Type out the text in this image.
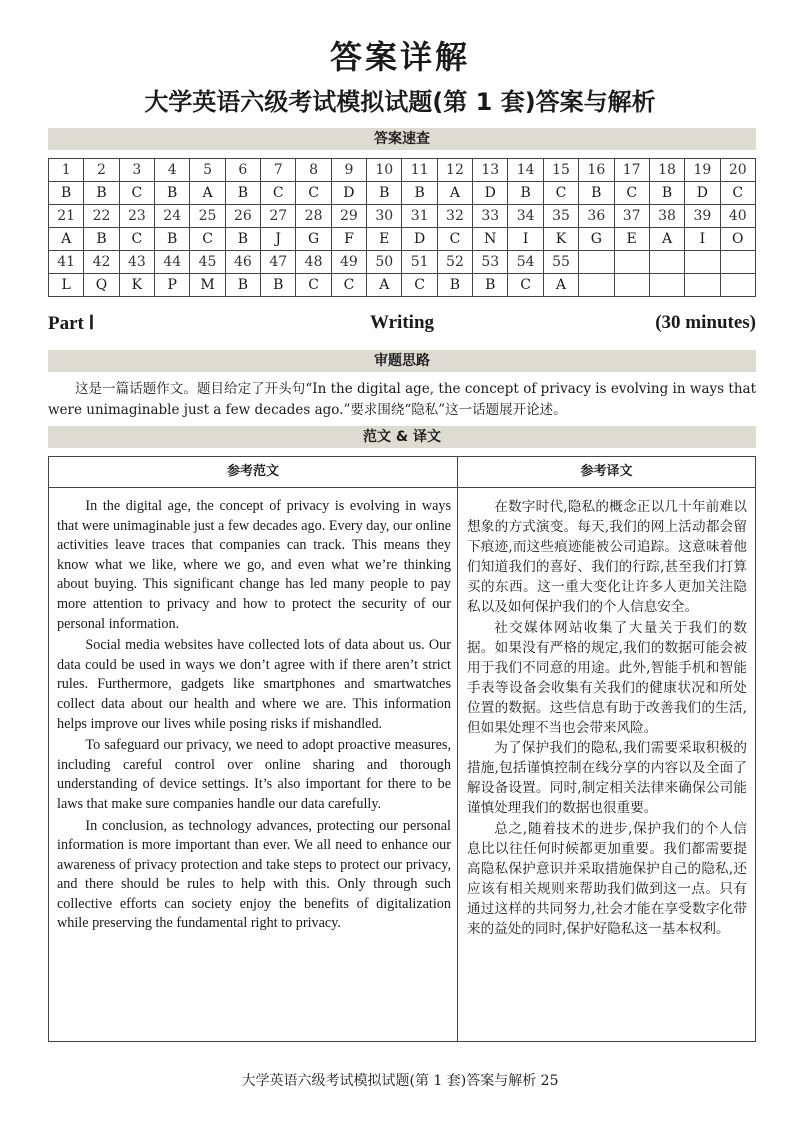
答案详解
大学英语六级考试模拟试题(第 1 套)答案与解析
答案速查
1	2	3	4	5	6	7	8	9	10	11	12	13	14	15	16	17	18	19	20
B	B	C	B	A	B	C	C	D	B	B	A	D	B	C	B	C	B	D	C
21	22	23	24	25	26	27	28	29	30	31	32	33	34	35	36	37	38	39	40
A	B	C	B	C	B	J	G	F	E	D	C	N	I	K	G	E	A	I	O
41	42	43	44	45	46	47	48	49	50	51	52	53	54	55					
L	Q	K	P	M	B	B	C	C	A	C	B	B	C	A					
Part Ⅰ	Writing	(30 minutes)
审题思路
这是一篇话题作文。题目给定了开头句“In the digital age, the concept of privacy is evolving in ways that were unimaginable just a few decades ago.”要求围绕“隐私”这一话题展开论述。
范文 & 译文
参考范文	参考译文

In the digital age, the concept of privacy is evolving in ways that were unimaginable just a few decades ago. Every day, our online activities leave traces that companies can track. This means they know what we like, where we go, and even what we’re thinking about buying. This significant change has led many people to pay more attention to privacy and how to protect the security of our personal information.

Social media websites have collected lots of data about us. Our data could be used in ways we don’t agree with if there aren’t strict rules. Furthermore, gadgets like smartphones and smartwatches collect data about our health and where we are. This information helps improve our lives while posing risks if mishandled.

To safeguard our privacy, we need to adopt proactive measures, including careful control over online sharing and thorough understanding of device settings. It’s also important for there to be laws that make sure companies handle our data carefully.

In conclusion, as technology advances, protecting our personal information is more important than ever. We all need to enhance our awareness of privacy protection and take steps to protect our privacy, and there should be rules to help with this. Only through such collective efforts can society enjoy the benefits of digitalization while preserving the fundamental right to privacy.

在数字时代,隐私的概念正以几十年前难以想象的方式演变。每天,我们的网上活动都会留下痕迹,而这些痕迹能被公司追踪。这意味着他们知道我们的喜好、我们的行踪,甚至我们打算买的东西。这一重大变化让许多人更加关注隐私以及如何保护我们的个人信息安全。

社交媒体网站收集了大量关于我们的数据。如果没有严格的规定,我们的数据可能会被用于我们不同意的用途。此外,智能手机和智能手表等设备会收集有关我们的健康状况和所处位置的数据。这些信息有助于改善我们的生活,但如果处理不当也会带来风险。

为了保护我们的隐私,我们需要采取积极的措施,包括谨慎控制在线分享的内容以及全面了解设备设置。同时,制定相关法律来确保公司能谨慎处理我们的数据也很重要。

总之,随着技术的进步,保护我们的个人信息比以往任何时候都更加重要。我们都需要提高隐私保护意识并采取措施保护自己的隐私,还应该有相关规则来帮助我们做到这一点。只有通过这样的共同努力,社会才能在享受数字化带来的益处的同时,保护好隐私这一基本权利。

大学英语六级考试模拟试题(第 1 套)答案与解析 25
